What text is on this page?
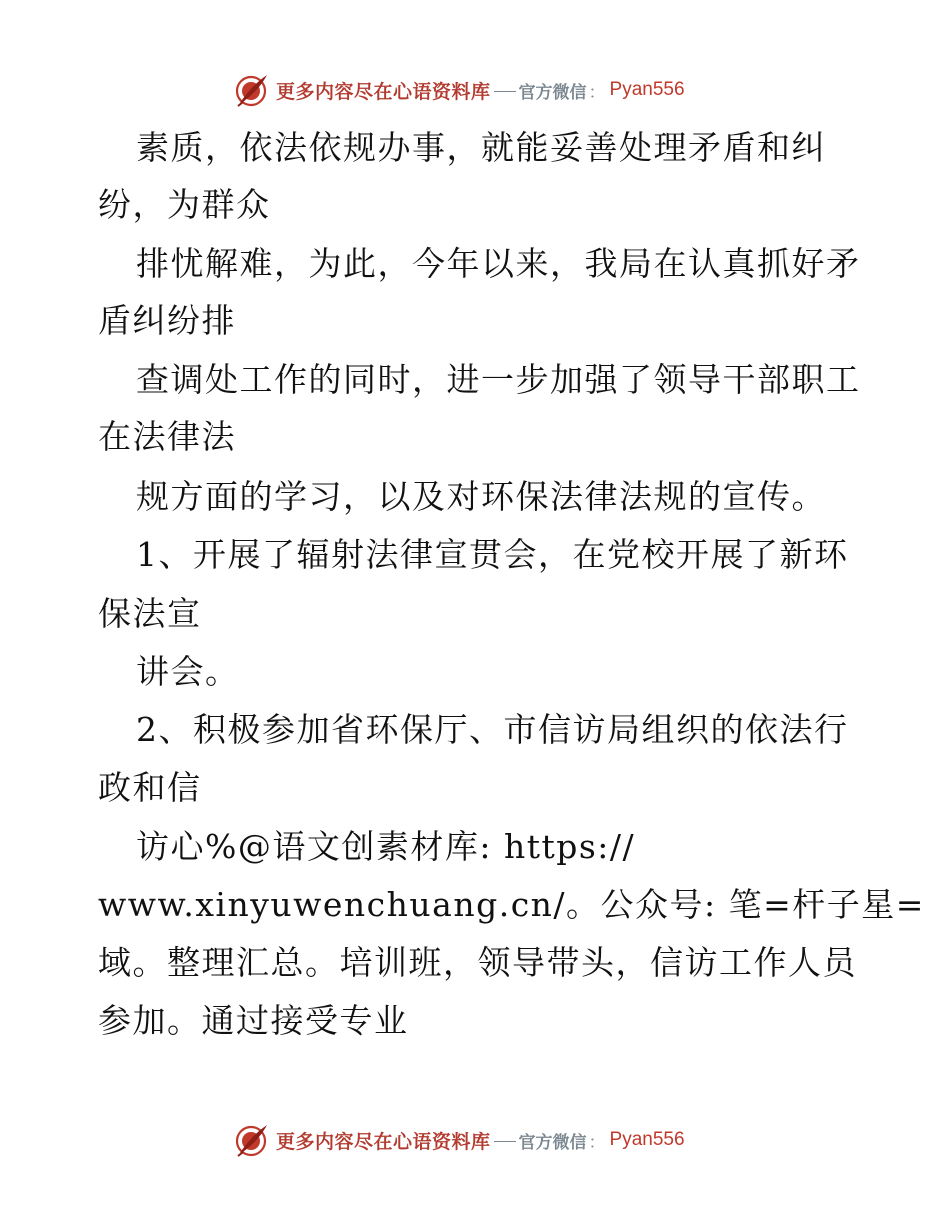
更多内容尽在心语资料库 官方微信 ： Pyan556
素质，依法依规办事，就能妥善处理矛盾和纠
纷，为群众
排忧解难，为此，今年以来，我局在认真抓好矛
盾纠纷排
查调处工作的同时，进一步加强了领导干部职工
在法律法
规方面的学习，以及对环保法律法规的宣传。
1、开展了辐射法律宣贯会，在党校开展了新环
保法宣
讲会。
2、积极参加省环保厅、市信访局组织的依法行
政和信
访心%@语文创素材库: https://
www.xinyuwenchuang.cn/。公众号: 笔=杆子星=
域。整理汇总。培训班，领导带头，信访工作人员
参加。通过接受专业
更多内容尽在心语资料库 官方微信 ： Pyan556
